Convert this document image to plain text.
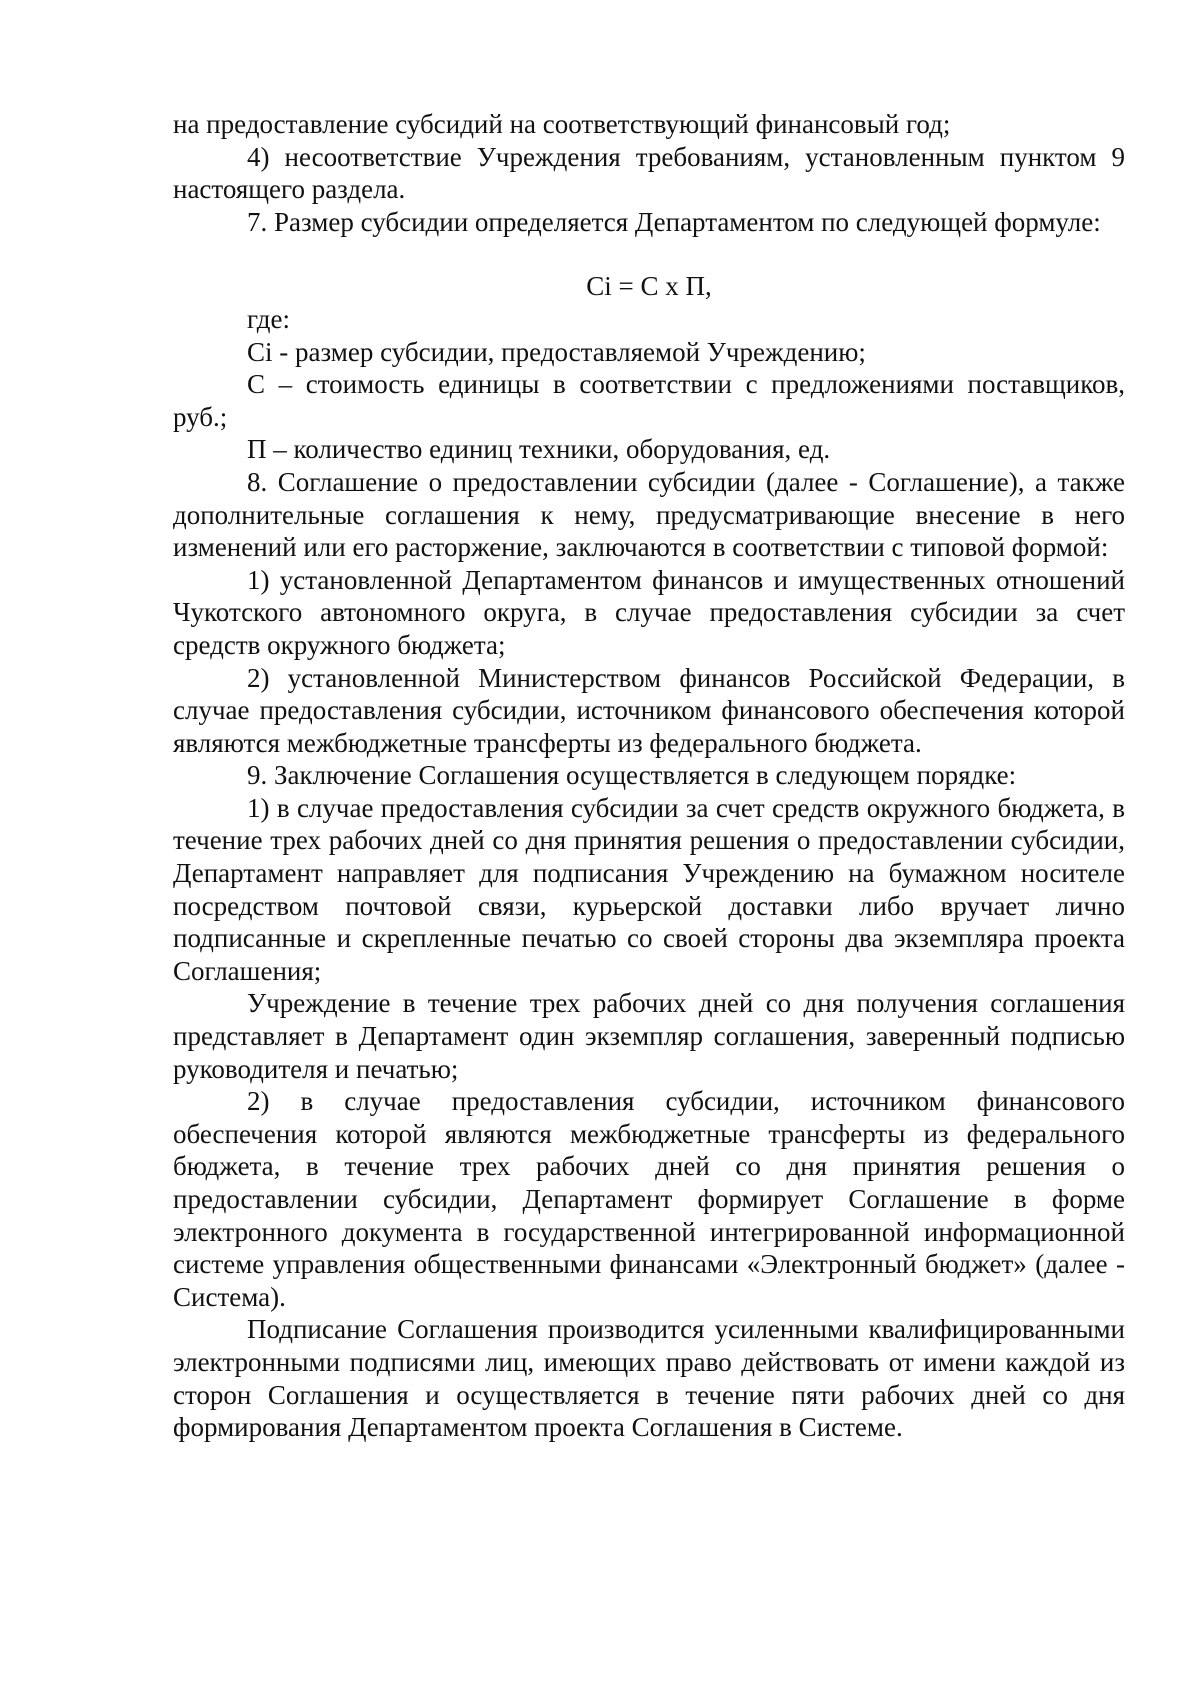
на предоставление субсидий на соответствующий финансовый год;

4) несоответствие Учреждения требованиям, установленным пунктом 9 настоящего раздела.

7. Размер субсидии определяется Департаментом по следующей формуле:

Ci = С х П,

где:

Ci - размер субсидии, предоставляемой Учреждению;

С – стоимость единицы в соответствии с предложениями поставщиков, руб.;

П – количество единиц техники, оборудования, ед.

8. Соглашение о предоставлении субсидии (далее - Соглашение), а также дополнительные соглашения к нему, предусматривающие внесение в него изменений или его расторжение, заключаются в соответствии с типовой формой:

1) установленной Департаментом финансов и имущественных отношений Чукотского автономного округа, в случае предоставления субсидии за счет средств окружного бюджета;

2) установленной Министерством финансов Российской Федерации, в случае предоставления субсидии, источником финансового обеспечения которой являются межбюджетные трансферты из федерального бюджета.

9. Заключение Соглашения осуществляется в следующем порядке:

1) в случае предоставления субсидии за счет средств окружного бюджета, в течение трех рабочих дней со дня принятия решения о предоставлении субсидии, Департамент направляет для подписания Учреждению на бумажном носителе посредством почтовой связи, курьерской доставки либо вручает лично подписанные и скрепленные печатью со своей стороны два экземпляра проекта Соглашения;

Учреждение в течение трех рабочих дней со дня получения соглашения представляет в Департамент один экземпляр соглашения, заверенный подписью руководителя и печатью;

2) в случае предоставления субсидии, источником финансового обеспечения которой являются межбюджетные трансферты из федерального бюджета, в течение трех рабочих дней со дня принятия решения о предоставлении субсидии, Департамент формирует Соглашение в форме электронного документа в государственной интегрированной информационной системе управления общественными финансами «Электронный бюджет» (далее - Система).

Подписание Соглашения производится усиленными квалифицированными электронными подписями лиц, имеющих право действовать от имени каждой из сторон Соглашения и осуществляется в течение пяти рабочих дней со дня формирования Департаментом проекта Соглашения в Системе.
